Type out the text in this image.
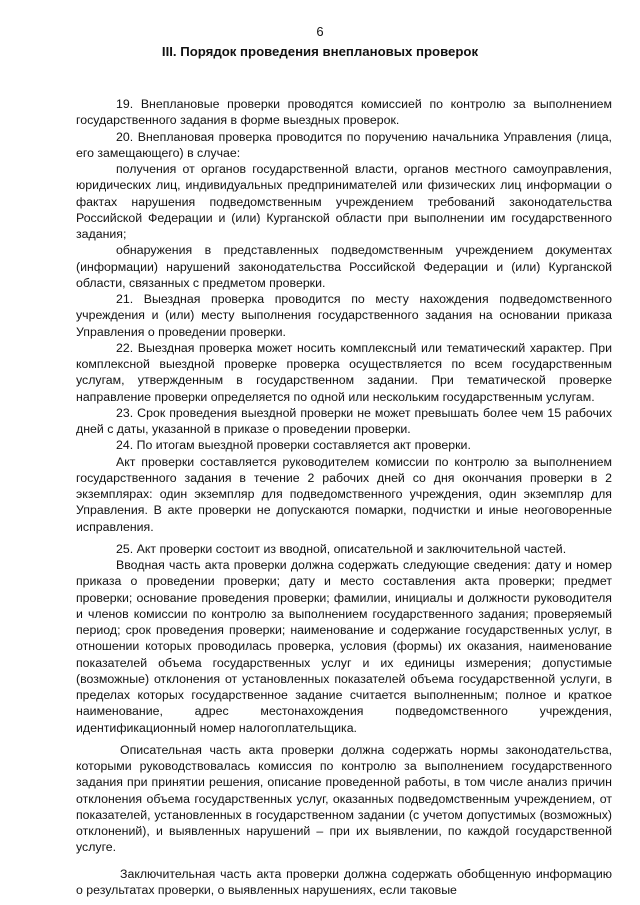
6
III. Порядок проведения внеплановых проверок

19. Внеплановые проверки проводятся комиссией по контролю за выполнением государственного задания в форме выездных проверок.

20. Внеплановая проверка проводится по поручению начальника Управления (лица, его замещающего) в случае:

получения от органов государственной власти, органов местного самоуправления, юридических лиц, индивидуальных предпринимателей или физических лиц информации о фактах нарушения подведомственным учреждением требований законодательства Российской Федерации и (или) Курганской области при выполнении им государственного задания;

обнаружения в представленных подведомственным учреждением документах (информации) нарушений законодательства Российской Федерации и (или) Курганской области, связанных с предметом проверки.

21. Выездная проверка проводится по месту нахождения подведомственного учреждения и (или) месту выполнения государственного задания на основании приказа Управления о проведении проверки.

22. Выездная проверка может носить комплексный или тематический характер. При комплексной выездной проверке проверка осуществляется по всем государственным услугам, утвержденным в государственном задании. При тематической проверке направление проверки определяется по одной или нескольким государственным услугам.

23. Срок проведения выездной проверки не может превышать более чем 15 рабочих дней с даты, указанной в приказе о проведении проверки.

24. По итогам выездной проверки составляется акт проверки.

Акт проверки составляется руководителем комиссии по контролю за выполнением государственного задания в течение 2 рабочих дней со дня окончания проверки в 2 экземплярах: один экземпляр для подведомственного учреждения, один экземпляр для Управления. В акте проверки не допускаются помарки, подчистки и иные неоговоренные исправления.

25. Акт проверки состоит из вводной, описательной и заключительной частей.

Вводная часть акта проверки должна содержать следующие сведения: дату и номер приказа о проведении проверки; дату и место составления акта проверки; предмет проверки; основание проведения проверки; фамилии, инициалы и должности руководителя и членов комиссии по контролю за выполнением государственного задания; проверяемый период; срок проведения проверки; наименование и содержание государственных услуг, в отношении которых проводилась проверка, условия (формы) их оказания, наименование показателей объема государственных услуг и их единицы измерения; допустимые (возможные) отклонения от установленных показателей объема государственной услуги, в пределах которых государственное задание считается выполненным; полное и краткое наименование, адрес местонахождения подведомственного учреждения, идентификационный номер налогоплательщика.

Описательная часть акта проверки должна содержать нормы законодательства, которыми руководствовалась комиссия по контролю за выполнением государственного задания при принятии решения, описание проведенной работы, в том числе анализ причин отклонения объема государственных услуг, оказанных подведомственным учреждением, от показателей, установленных в государственном задании (с учетом допустимых (возможных) отклонений), и выявленных нарушений – при их выявлении, по каждой государственной услуге.

Заключительная часть акта проверки должна содержать обобщенную информацию о результатах проверки, о выявленных нарушениях, если таковые
